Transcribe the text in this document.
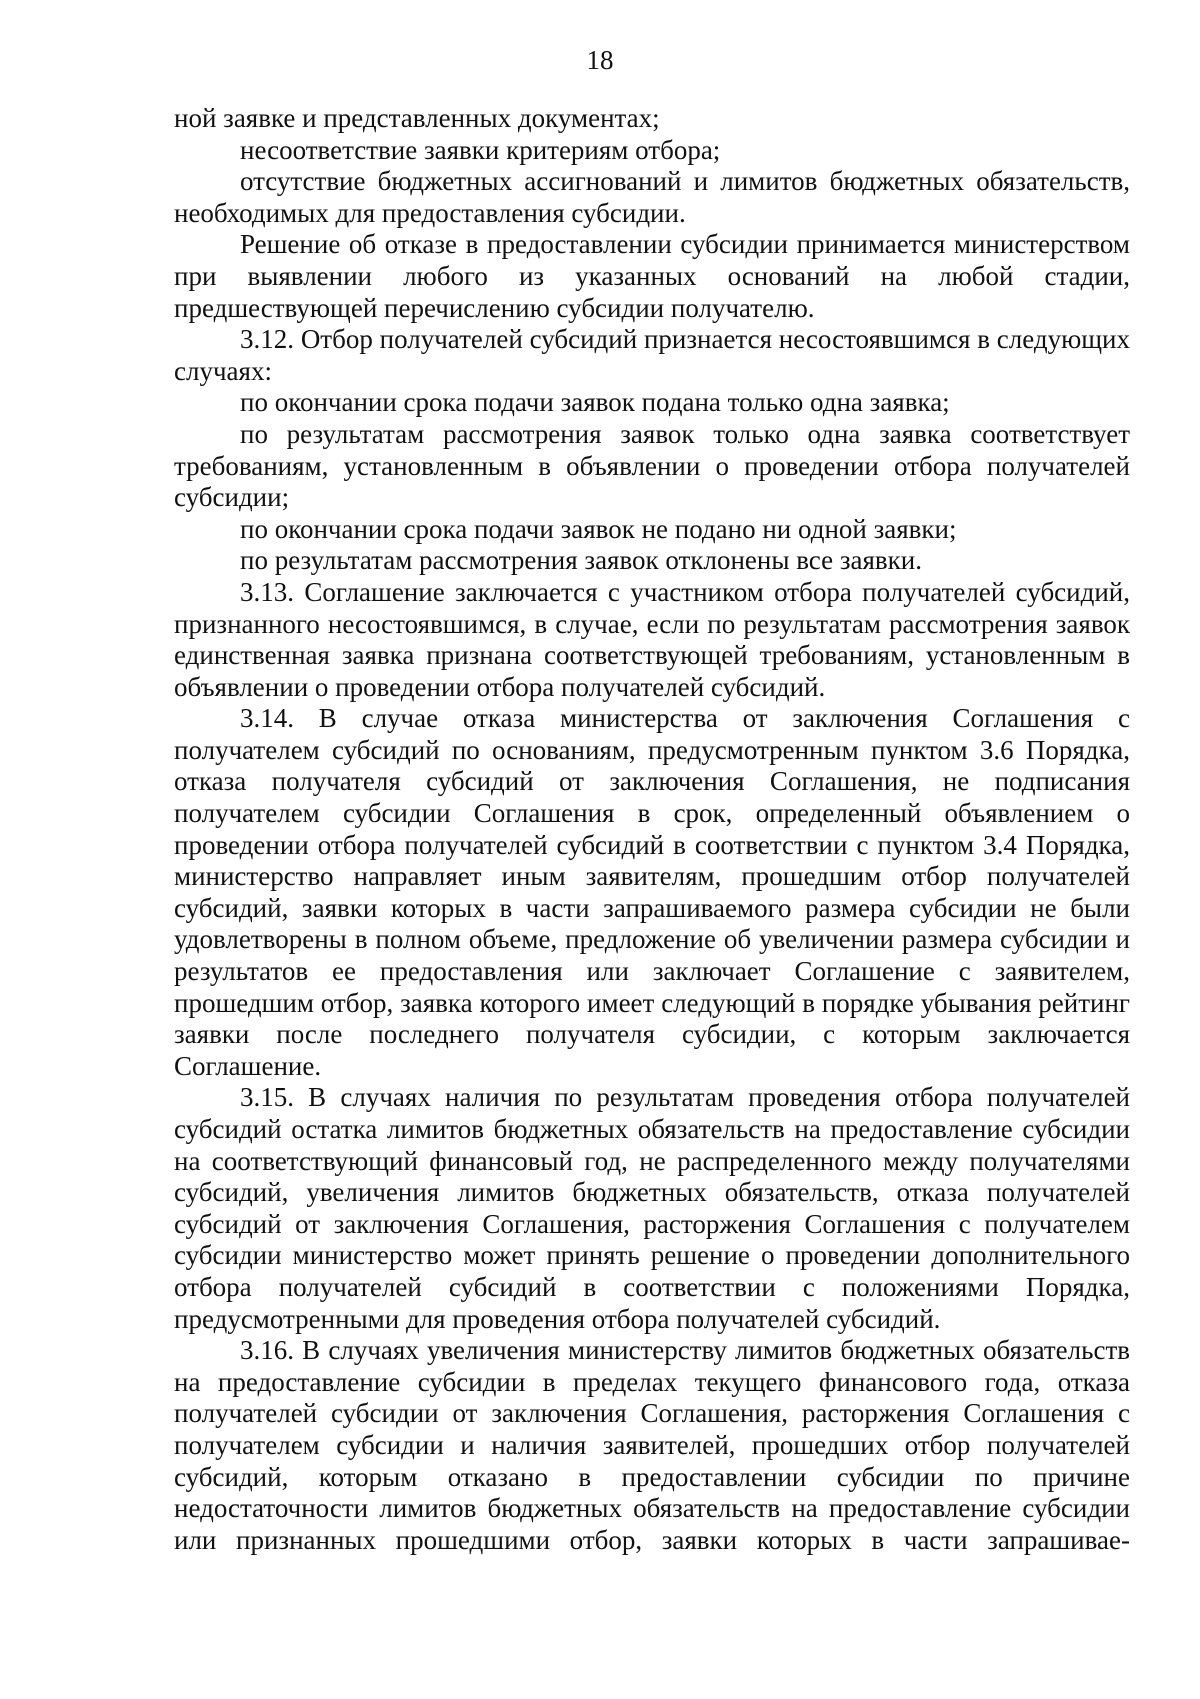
18

ной заявке и представленных документах;

несоответствие заявки критериям отбора;

отсутствие бюджетных ассигнований и лимитов бюджетных обязательств, необходимых для предоставления субсидии.

Решение об отказе в предоставлении субсидии принимается министерством при выявлении любого из указанных оснований на любой стадии, предшествующей перечислению субсидии получателю.

3.12. Отбор получателей субсидий признается несостоявшимся в следующих случаях:

по окончании срока подачи заявок подана только одна заявка;

по результатам рассмотрения заявок только одна заявка соответствует требованиям, установленным в объявлении о проведении отбора получателей субсидии;

по окончании срока подачи заявок не подано ни одной заявки;

по результатам рассмотрения заявок отклонены все заявки.

3.13. Соглашение заключается с участником отбора получателей субсидий, признанного несостоявшимся, в случае, если по результатам рассмотрения заявок единственная заявка признана соответствующей требованиям, установленным в объявлении о проведении отбора получателей субсидий.

3.14. В случае отказа министерства от заключения Соглашения с получателем субсидий по основаниям, предусмотренным пунктом 3.6 Порядка, отказа получателя субсидий от заключения Соглашения, не подписания получателем субсидии Соглашения в срок, определенный объявлением о проведении отбора получателей субсидий в соответствии с пунктом 3.4 Порядка, министерство направляет иным заявителям, прошедшим отбор получателей субсидий, заявки которых в части запрашиваемого размера субсидии не были удовлетворены в полном объеме, предложение об увеличении размера субсидии и результатов ее предоставления или заключает Соглашение с заявителем, прошедшим отбор, заявка которого имеет следующий в порядке убывания рейтинг заявки после последнего получателя субсидии, с которым заключается Соглашение.

3.15. В случаях наличия по результатам проведения отбора получателей субсидий остатка лимитов бюджетных обязательств на предоставление субсидии на соответствующий финансовый год, не распределенного между получателями субсидий, увеличения лимитов бюджетных обязательств, отказа получателей субсидий от заключения Соглашения, расторжения Соглашения с получателем субсидии министерство может принять решение о проведении дополнительного отбора получателей субсидий в соответствии с положениями Порядка, предусмотренными для проведения отбора получателей субсидий.

3.16. В случаях увеличения министерству лимитов бюджетных обязательств на предоставление субсидии в пределах текущего финансового года, отказа получателей субсидии от заключения Соглашения, расторжения Соглашения с получателем субсидии и наличия заявителей, прошедших отбор получателей субсидий, которым отказано в предоставлении субсидии по причине недостаточности лимитов бюджетных обязательств на предоставление субсидии или признанных прошедшими отбор, заявки которых в части запрашивае-
